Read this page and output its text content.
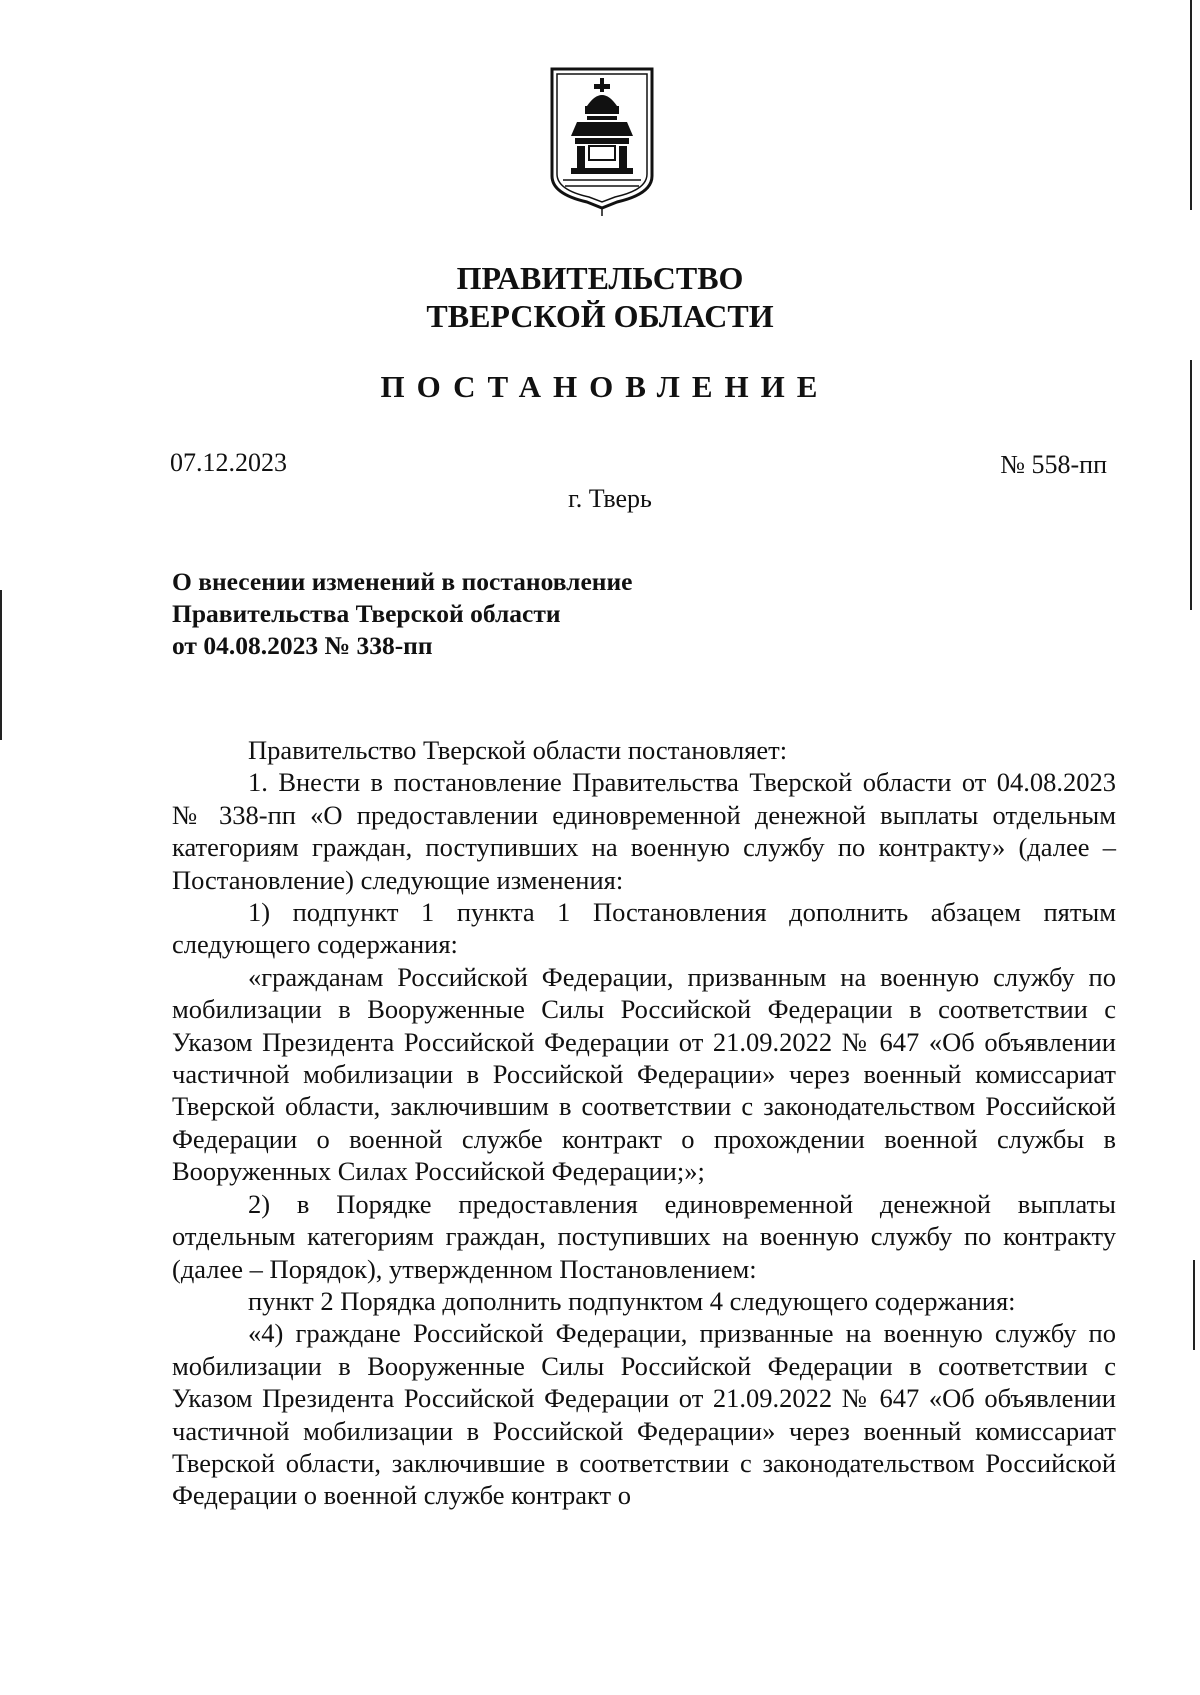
ПРАВИТЕЛЬСТВО
ТВЕРСКОЙ ОБЛАСТИ
ПОСТАНОВЛЕНИЕ
07.12.2023	№ 558-пп
г. Тверь
О внесении изменений в постановление
Правительства Тверской области
от 04.08.2023 № 338-пп

Правительство Тверской области постановляет:

1. Внести в постановление Правительства Тверской области от 04.08.2023 № 338-пп «О предоставлении единовременной денежной выплаты отдельным категориям граждан, поступивших на военную службу по контракту» (далее – Постановление) следующие изменения:

1) подпункт 1 пункта 1 Постановления дополнить абзацем пятым следующего содержания:

«гражданам Российской Федерации, призванным на военную службу по мобилизации в Вооруженные Силы Российской Федерации в соответствии с Указом Президента Российской Федерации от 21.09.2022 № 647 «Об объявлении частичной мобилизации в Российской Федерации» через военный комиссариат Тверской области, заключившим в соответствии с законодательством Российской Федерации о военной службе контракт о прохождении военной службы в Вооруженных Силах Российской Федерации;»;

2) в Порядке предоставления единовременной денежной выплаты отдельным категориям граждан, поступивших на военную службу по контракту (далее – Порядок), утвержденном Постановлением:

пункт 2 Порядка дополнить подпунктом 4 следующего содержания:

«4) граждане Российской Федерации, призванные на военную службу по мобилизации в Вооруженные Силы Российской Федерации в соответствии с Указом Президента Российской Федерации от 21.09.2022 № 647 «Об объявлении частичной мобилизации в Российской Федерации» через военный комиссариат Тверской области, заключившие в соответствии с законодательством Российской Федерации о военной службе контракт о
